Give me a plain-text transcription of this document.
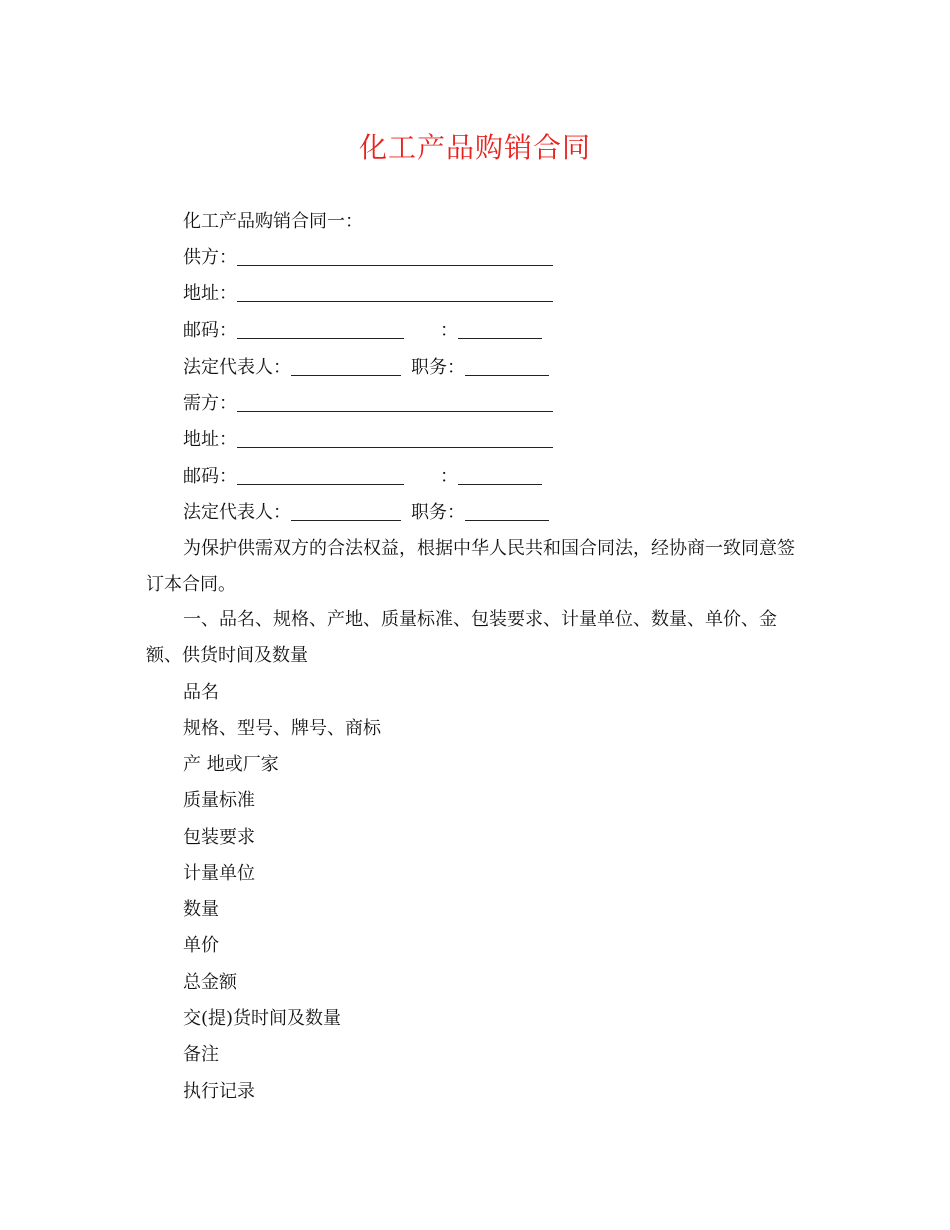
化工产品购销合同
化工产品购销合同一：
供方：
地址：
邮码：	：
法定代表人：	职务：
需方：
地址：
邮码：	：
法定代表人：	职务：
为保护供需双方的合法权益，根据中华人民共和国合同法，经协商一致同意签订本合同。
一、品名、规格、产地、质量标准、包装要求、计量单位、数量、单价、金额、供货时间及数量
品名
规格、型号、牌号、商标
产 地或厂家
质量标准
包装要求
计量单位
数量
单价
总金额
交(提)货时间及数量
备注
执行记录
